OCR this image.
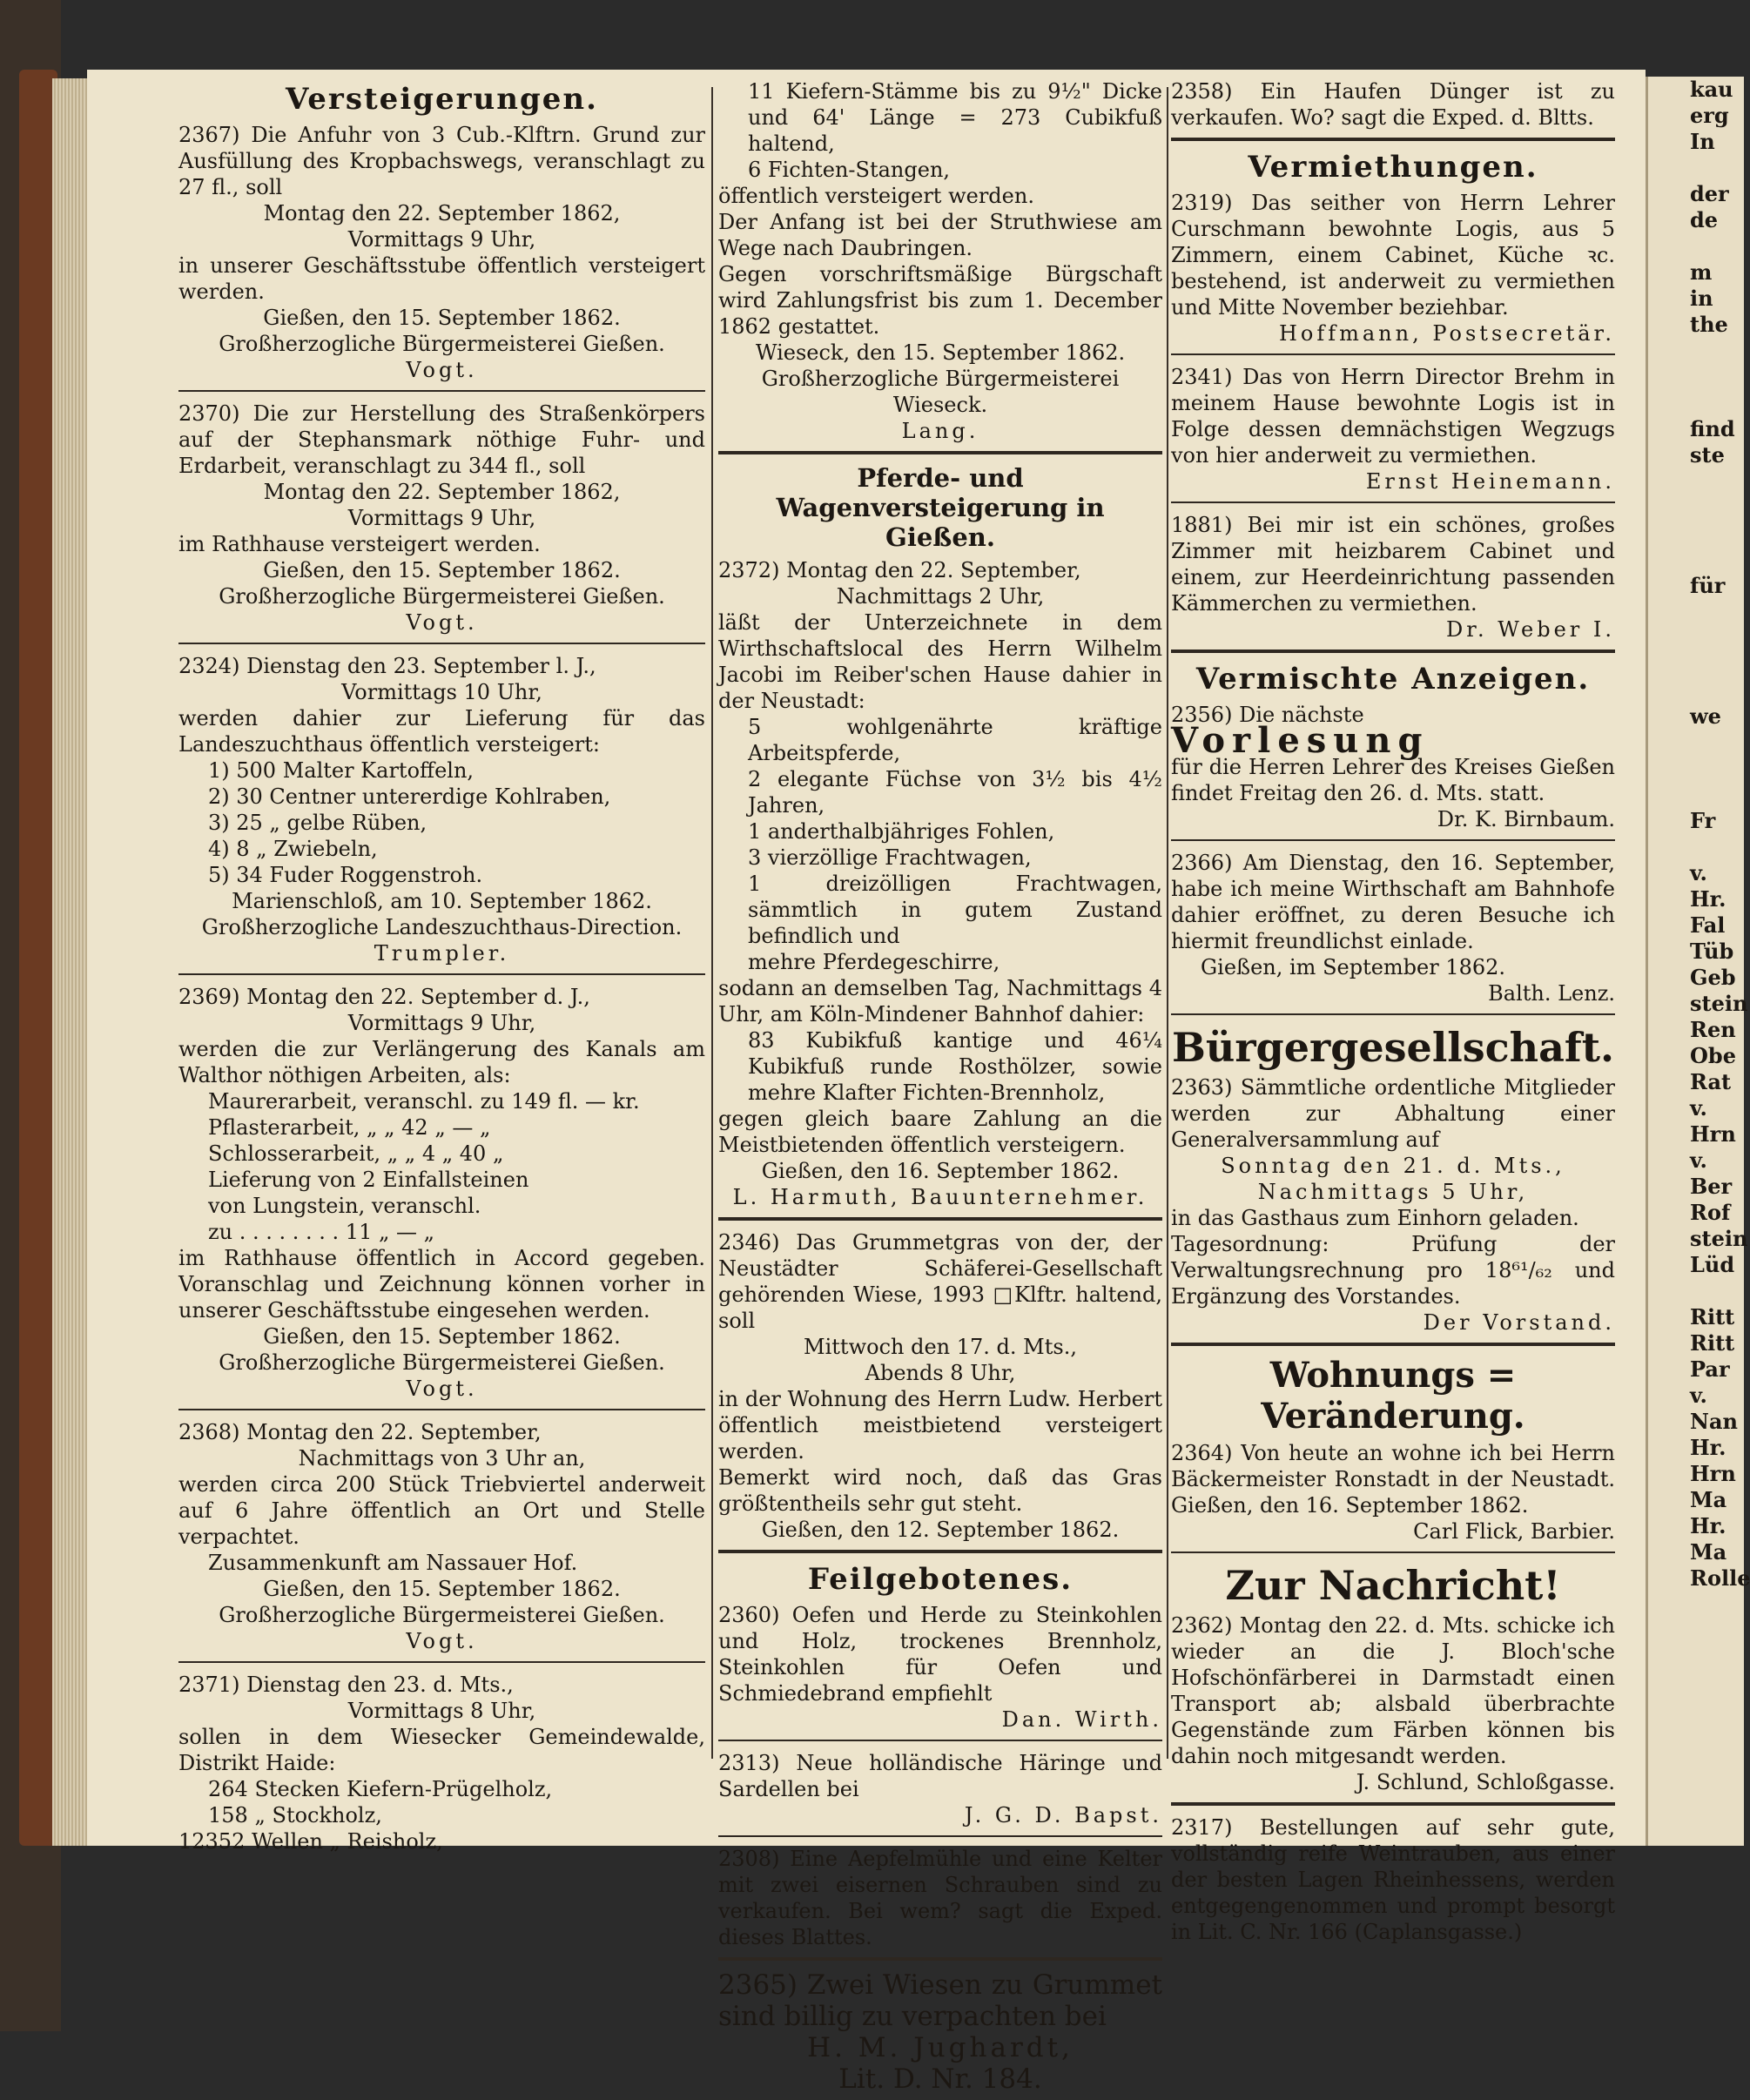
kau
erg
In

der
de

m
in
the

find
ste

für

we

Fr

v.
Hr.
Fal
Tüb
Geb
stein
Ren
Obe
Rat
v.
Hrn
v.
Ber
Rof
stein
Lüd

Ritt
Ritt
Par
v.
Nan
Hr.
Hrn
Ma
Hr.
Ma
Rolle
Versteigerungen.

2367) Die Anfuhr von 3 Cub.-Klftrn. Grund zur Ausfüllung des Kropbachswegs, veranschlagt zu 27 fl., soll

Montag den 22. September 1862,

Vormittags 9 Uhr,

in unserer Geschäftsstube öffentlich versteigert werden.

Gießen, den 15. September 1862.

Großherzogliche Bürgermeisterei Gießen.

Vogt.

2370) Die zur Herstellung des Straßenkörpers auf der Stephansmark nöthige Fuhr- und Erdarbeit, veranschlagt zu 344 fl., soll

Montag den 22. September 1862,

Vormittags 9 Uhr,

im Rathhause versteigert werden.

Gießen, den 15. September 1862.

Großherzogliche Bürgermeisterei Gießen.

Vogt.

2324) Dienstag den 23. September l. J.,

Vormittags 10 Uhr,

werden dahier zur Lieferung für das Landeszuchthaus öffentlich versteigert:

1) 500 Malter Kartoffeln,

2) 30 Centner untererdige Kohlraben,

3) 25 „ gelbe Rüben,

4) 8 „ Zwiebeln,

5) 34 Fuder Roggenstroh.

Marienschloß, am 10. September 1862.

Großherzogliche Landeszuchthaus-Direction.

Trumpler.

2369) Montag den 22. September d. J.,

Vormittags 9 Uhr,

werden die zur Verlängerung des Kanals am Walthor nöthigen Arbeiten, als:

Maurerarbeit, veranschl. zu 149 fl. — kr.

Pflasterarbeit, „ „ 42 „ — „

Schlosserarbeit, „ „ 4 „ 40 „

Lieferung von 2 Einfallsteinen

von Lungstein, veranschl.

zu . . . . . . . . 11 „ — „

im Rathhause öffentlich in Accord gegeben. Voranschlag und Zeichnung können vorher in unserer Geschäftsstube eingesehen werden.

Gießen, den 15. September 1862.

Großherzogliche Bürgermeisterei Gießen.

Vogt.

2368) Montag den 22. September,

Nachmittags von 3 Uhr an,

werden circa 200 Stück Triebviertel anderweit auf 6 Jahre öffentlich an Ort und Stelle verpachtet.

Zusammenkunft am Nassauer Hof.

Gießen, den 15. September 1862.

Großherzogliche Bürgermeisterei Gießen.

Vogt.

2371) Dienstag den 23. d. Mts.,

Vormittags 8 Uhr,

sollen in dem Wiesecker Gemeindewalde, Distrikt Haide:

264 Stecken Kiefern-Prügelholz,

158 „ Stockholz,

12352 Wellen „ Reisholz,

11 Kiefern-Stämme bis zu 9½" Dicke und 64' Länge = 273 Cubikfuß haltend,

6 Fichten-Stangen,

öffentlich versteigert werden.

Der Anfang ist bei der Struthwiese am Wege nach Daubringen.

Gegen vorschriftsmäßige Bürgschaft wird Zahlungsfrist bis zum 1. December 1862 gestattet.

Wieseck, den 15. September 1862.

Großherzogliche Bürgermeisterei Wieseck.

Lang.

Pferde- und Wagenversteigerung in Gießen.

2372) Montag den 22. September,

Nachmittags 2 Uhr,

läßt der Unterzeichnete in dem Wirthschaftslocal des Herrn Wilhelm Jacobi im Reiber'schen Hause dahier in der Neustadt:

5 wohlgenährte kräftige Arbeitspferde,

2 elegante Füchse von 3½ bis 4½ Jahren,

1 anderthalbjähriges Fohlen,

3 vierzöllige Frachtwagen,

1 dreizölligen Frachtwagen, sämmtlich in gutem Zustand befindlich und

mehre Pferdegeschirre,

sodann an demselben Tag, Nachmittags 4 Uhr, am Köln-Mindener Bahnhof dahier:

83 Kubikfuß kantige und 46¼ Kubikfuß runde Rosthölzer, sowie mehre Klafter Fichten-Brennholz,

gegen gleich baare Zahlung an die Meistbietenden öffentlich versteigern.

Gießen, den 16. September 1862.

L. Harmuth, Bauunternehmer.

2346) Das Grummetgras von der, der Neustädter Schäferei-Gesellschaft gehörenden Wiese, 1993 □Klftr. haltend, soll

Mittwoch den 17. d. Mts.,

Abends 8 Uhr,

in der Wohnung des Herrn Ludw. Herbert öffentlich meistbietend versteigert werden.

Bemerkt wird noch, daß das Gras größtentheils sehr gut steht.

Gießen, den 12. September 1862.

Feilgebotenes.

2360) Oefen und Herde zu Steinkohlen und Holz, trockenes Brennholz, Steinkohlen für Oefen und Schmiedebrand empfiehlt

Dan. Wirth.

2313) Neue holländische Häringe und Sardellen bei

J. G. D. Bapst.

2308) Eine Aepfelmühle und eine Kelter mit zwei eisernen Schrauben sind zu verkaufen. Bei wem? sagt die Exped. dieses Blattes.

2365) Zwei Wiesen zu Grummet sind billig zu verpachten bei

H. M. Jughardt,

Lit. D. Nr. 184.

2358) Ein Haufen Dünger ist zu verkaufen. Wo? sagt die Exped. d. Bltts.

Vermiethungen.

2319) Das seither von Herrn Lehrer Curschmann bewohnte Logis, aus 5 Zimmern, einem Cabinet, Küche ꝛc. bestehend, ist anderweit zu vermiethen und Mitte November beziehbar.

Hoffmann, Postsecretär.

2341) Das von Herrn Director Brehm in meinem Hause bewohnte Logis ist in Folge dessen demnächstigen Wegzugs von hier anderweit zu vermiethen.

Ernst Heinemann.

1881) Bei mir ist ein schönes, großes Zimmer mit heizbarem Cabinet und einem, zur Heerdeinrichtung passenden Kämmerchen zu vermiethen.

Dr. Weber I.

Vermischte Anzeigen.

2356) Die nächste

Vorlesung

für die Herren Lehrer des Kreises Gießen findet Freitag den 26. d. Mts. statt.

Dr. K. Birnbaum.

2366) Am Dienstag, den 16. September, habe ich meine Wirthschaft am Bahnhofe dahier eröffnet, zu deren Besuche ich hiermit freundlichst einlade.

Gießen, im September 1862.

Balth. Lenz.

Bürgergesellschaft.

2363) Sämmtliche ordentliche Mitglieder werden zur Abhaltung einer Generalversammlung auf

Sonntag den 21. d. Mts.,

Nachmittags 5 Uhr,

in das Gasthaus zum Einhorn geladen.

Tagesordnung: Prüfung der Verwaltungsrechnung pro 18⁶¹/₆₂ und Ergänzung des Vorstandes.

Der Vorstand.

Wohnungs = Veränderung.

2364) Von heute an wohne ich bei Herrn Bäckermeister Ronstadt in der Neustadt. Gießen, den 16. September 1862.

Carl Flick, Barbier.

Zur Nachricht!

2362) Montag den 22. d. Mts. schicke ich wieder an die J. Bloch'sche Hofschönfärberei in Darmstadt einen Transport ab; alsbald überbrachte Gegenstände zum Färben können bis dahin noch mitgesandt werden.

J. Schlund, Schloßgasse.

2317) Bestellungen auf sehr gute, vollständig reife Weintrauben, aus einer der besten Lagen Rheinhessens, werden entgegengenommen und prompt besorgt in Lit. C. Nr. 166 (Caplansgasse.)
